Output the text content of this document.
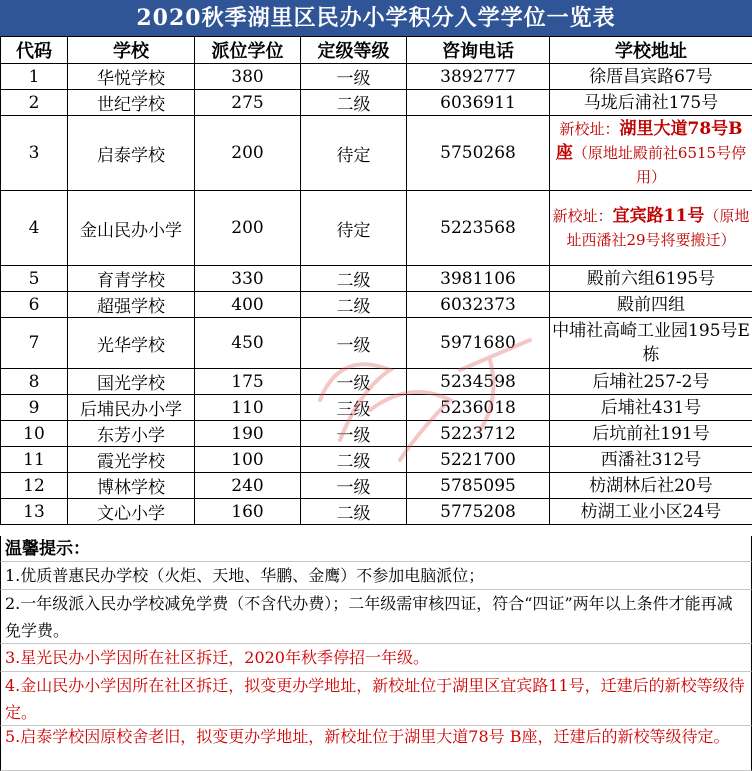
2020秋季湖里区民办小学积分入学学位一览表
代码	学校	派位学位	定级等级	咨询电话	学校地址
1	华悦学校	380	一级	3892777	徐厝昌宾路67号
2	世纪学校	275	二级	6036911	马垅后浦社175号
3	启泰学校	200	待定	5750268	新校址：湖里大道78号B座（原地址殿前社6515号停用）
4	金山民办小学	200	待定	5223568	新校址：宜宾路11号（原地址西潘社29号将要搬迁）
5	育青学校	330	二级	3981106	殿前六组6195号
6	超强学校	400	二级	6032373	殿前四组
7	光华学校	450	一级	5971680	中埔社高崎工业园195号E栋
8	国光学校	175	一级	5234598	后埔社257-2号
9	后埔民办小学	110	三级	5236018	后埔社431号
10	东芳小学	190	一级	5223712	后坑前社191号
11	霞光学校	100	二级	5221700	西潘社312号
12	博林学校	240	一级	5785095	枋湖林后社20号
13	文心小学	160	二级	5775208	枋湖工业小区24号
温馨提示：
1.优质普惠民办学校（火炬、天地、华鹏、金鹰）不参加电脑派位；
2.一年级派入民办学校减免学费（不含代办费）；二年级需审核四证，符合“四证”两年以上条件才能再减免学费。
3.星光民办小学因所在社区拆迁，2020年秋季停招一年级。
4.金山民办小学因所在社区拆迁，拟变更办学地址，新校址位于湖里区宜宾路11号，迁建后的新校等级待定。
5.启泰学校因原校舍老旧，拟变更办学地址，新校址位于湖里大道78号 B座，迁建后的新校等级待定。
